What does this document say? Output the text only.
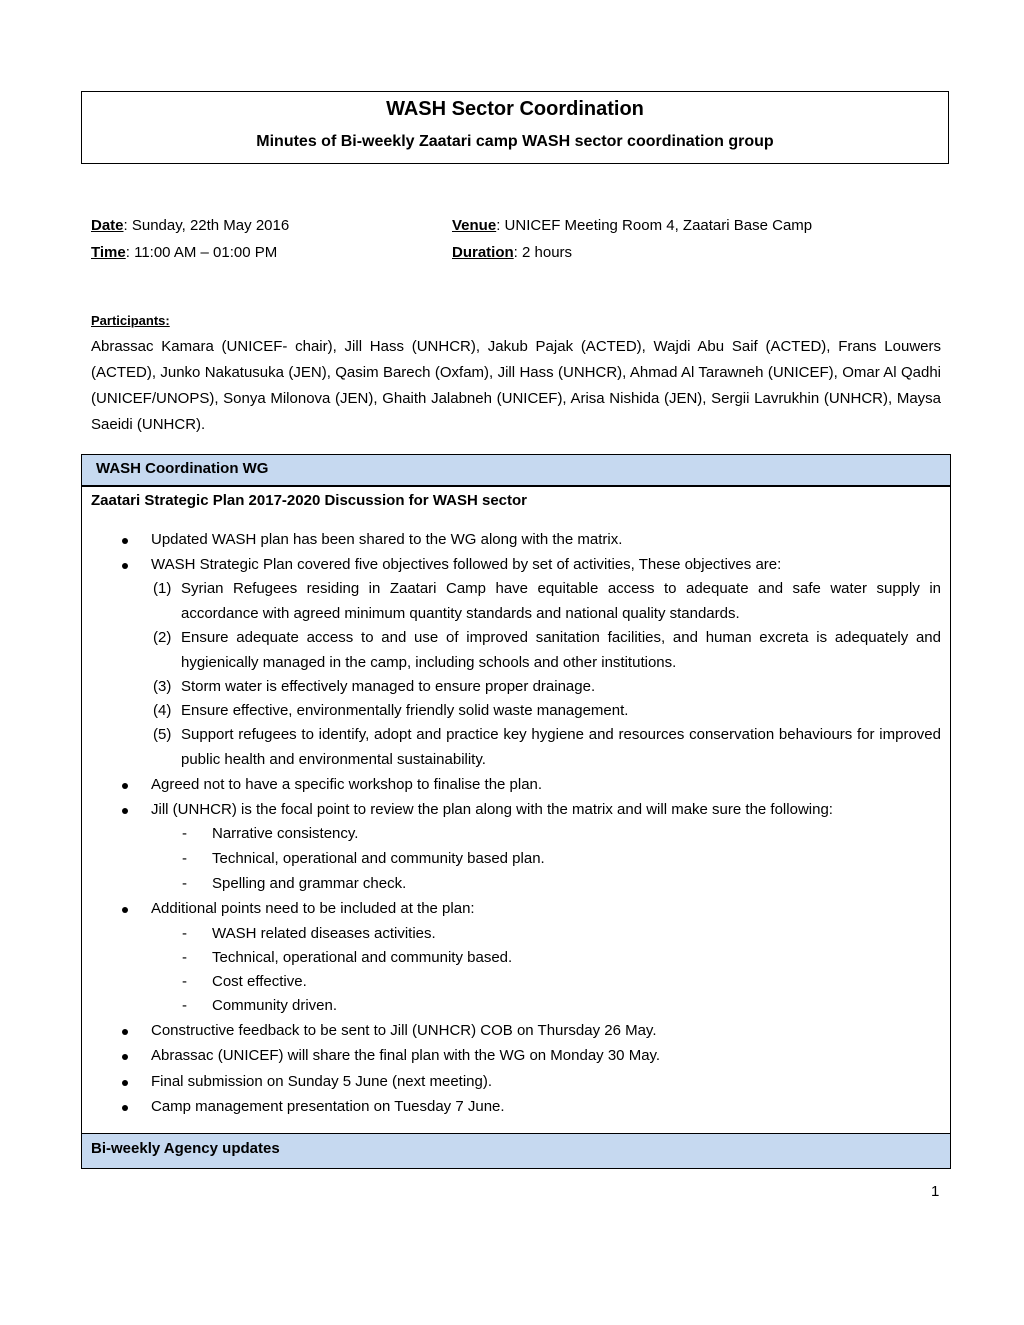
WASH Sector Coordination
Minutes of Bi-weekly Zaatari camp WASH sector coordination group
Date: Sunday, 22th May 2016
Time: 11:00 AM – 01:00 PM
Venue: UNICEF Meeting Room 4, Zaatari Base Camp
Duration: 2 hours
Participants:
Abrassac Kamara (UNICEF- chair), Jill Hass (UNHCR), Jakub Pajak (ACTED), Wajdi Abu Saif (ACTED), Frans Louwers (ACTED), Junko Nakatusuka (JEN), Qasim Barech (Oxfam), Jill Hass (UNHCR), Ahmad Al Tarawneh (UNICEF), Omar Al Qadhi (UNICEF/UNOPS), Sonya Milonova (JEN), Ghaith Jalabneh (UNICEF), Arisa Nishida (JEN), Sergii Lavrukhin (UNHCR), Maysa Saeidi (UNHCR).
WASH Coordination WG
Zaatari Strategic Plan 2017-2020 Discussion for WASH sector
Updated WASH plan has been shared to the WG along with the matrix.
WASH Strategic Plan covered five objectives followed by set of activities, These objectives are:
(1) Syrian Refugees residing in Zaatari Camp have equitable access to adequate and safe water supply in accordance with agreed minimum quantity standards and national quality standards.
(2) Ensure adequate access to and use of improved sanitation facilities, and human excreta is adequately and hygienically managed in the camp, including schools and other institutions.
(3) Storm water is effectively managed to ensure proper drainage.
(4) Ensure effective, environmentally friendly solid waste management.
(5) Support refugees to identify, adopt and practice key hygiene and resources conservation behaviours for improved public health and environmental sustainability.
Agreed not to have a specific workshop to finalise the plan.
Jill (UNHCR) is the focal point to review the plan along with the matrix and will make sure the following:
- Narrative consistency.
- Technical, operational and community based plan.
- Spelling and grammar check.
Additional points need to be included at the plan:
- WASH related diseases activities.
- Technical, operational and community based.
- Cost effective.
- Community driven.
Constructive feedback to be sent to Jill (UNHCR) COB on Thursday 26 May.
Abrassac (UNICEF) will share the final plan with the WG on Monday 30 May.
Final submission on Sunday 5 June (next meeting).
Camp management presentation on Tuesday 7 June.
Bi-weekly Agency updates
1
